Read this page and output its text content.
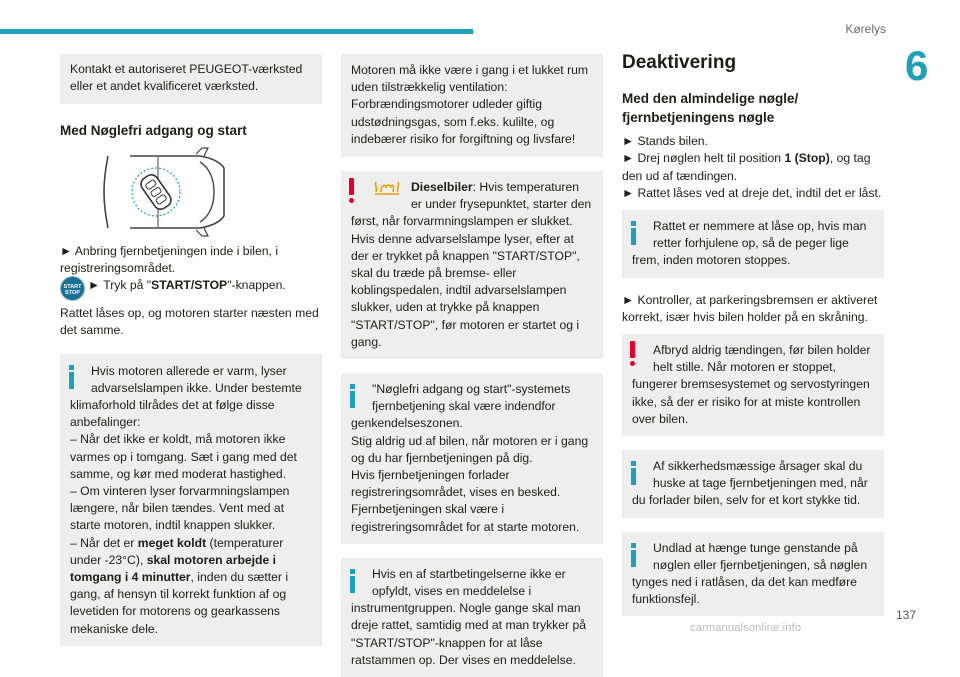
Kørelys
6
137
carmanualsonline.info
Kontakt et autoriseret PEUGEOT-værksted eller et andet kvalificeret værksted.
Med Nøglefri adgang og start
► Anbring fjernbetjeningen inde i bilen, i registreringsområdet.
START
STOP
► Tryk på "START/STOP"-knappen.
Rattet låses op, og motoren starter næsten med det samme.
Hvis motoren allerede er varm, lyser advarselslampen ikke. Under bestemte
klimaforhold tilrådes det at følge disse anbefalinger:
– Når det ikke er koldt, må motoren ikke varmes op i tomgang. Sæt i gang med det samme, og kør med moderat hastighed.
– Om vinteren lyser forvarmningslampen længere, når bilen tændes. Vent med at starte motoren, indtil knappen slukker.
– Når det er meget koldt (temperaturer under -23°C), skal motoren arbejde i tomgang i 4 minutter, inden du sætter i gang, af hensyn til korrekt funktion af og levetiden for motorens og gearkassens mekaniske dele.
Motoren må ikke være i gang i et lukket rum uden tilstrækkelig ventilation: Forbrændingsmotorer udleder giftig udstødningsgas, som f.eks. kulilte, og indebærer risiko for forgiftning og livsfare!
Dieselbiler: Hvis temperaturen er under frysepunktet, starter den
først, når forvarmningslampen er slukket.
Hvis denne advarselslampe lyser, efter at der er trykket på knappen "START/STOP", skal du træde på bremse- eller koblingspedalen, indtil advarselslampen slukker, uden at trykke på knappen "START/STOP", før motoren er startet og i gang.
"Nøglefri adgang og start"-systemets fjernbetjening skal være indendfor
genkendelseszonen.
Stig aldrig ud af bilen, når motoren er i gang og du har fjernbetjeningen på dig.
Hvis fjernbetjeningen forlader registreringsområdet, vises en besked.
Fjernbetjeningen skal være i registreringsområdet for at starte motoren.
Hvis en af startbetingelserne ikke er opfyldt, vises en meddelelse i
instrumentgruppen. Nogle gange skal man dreje rattet, samtidig med at man trykker på "START/STOP"-knappen for at låse ratstammen op. Der vises en meddelelse.
Deaktivering
Med den almindelige nøgle/ fjernbetjeningens nøgle
► Stands bilen.
► Drej nøglen helt til position 1 (Stop), og tag den ud af tændingen.
► Rattet låses ved at dreje det, indtil det er låst.
Rattet er nemmere at låse op, hvis man retter forhjulene op, så de peger lige
frem, inden motoren stoppes.
► Kontroller, at parkeringsbremsen er aktiveret korrekt, især hvis bilen holder på en skråning.
Afbryd aldrig tændingen, før bilen holder helt stille. Når motoren er stoppet,
fungerer bremsesystemet og servostyringen ikke, så der er risiko for at miste kontrollen over bilen.
Af sikkerhedsmæssige årsager skal du huske at tage fjernbetjeningen med, når
du forlader bilen, selv for et kort stykke tid.
Undlad at hænge tunge genstande på nøglen eller fjernbetjeningen, så nøglen
tynges ned i ratlåsen, da det kan medføre funktionsfejl.
